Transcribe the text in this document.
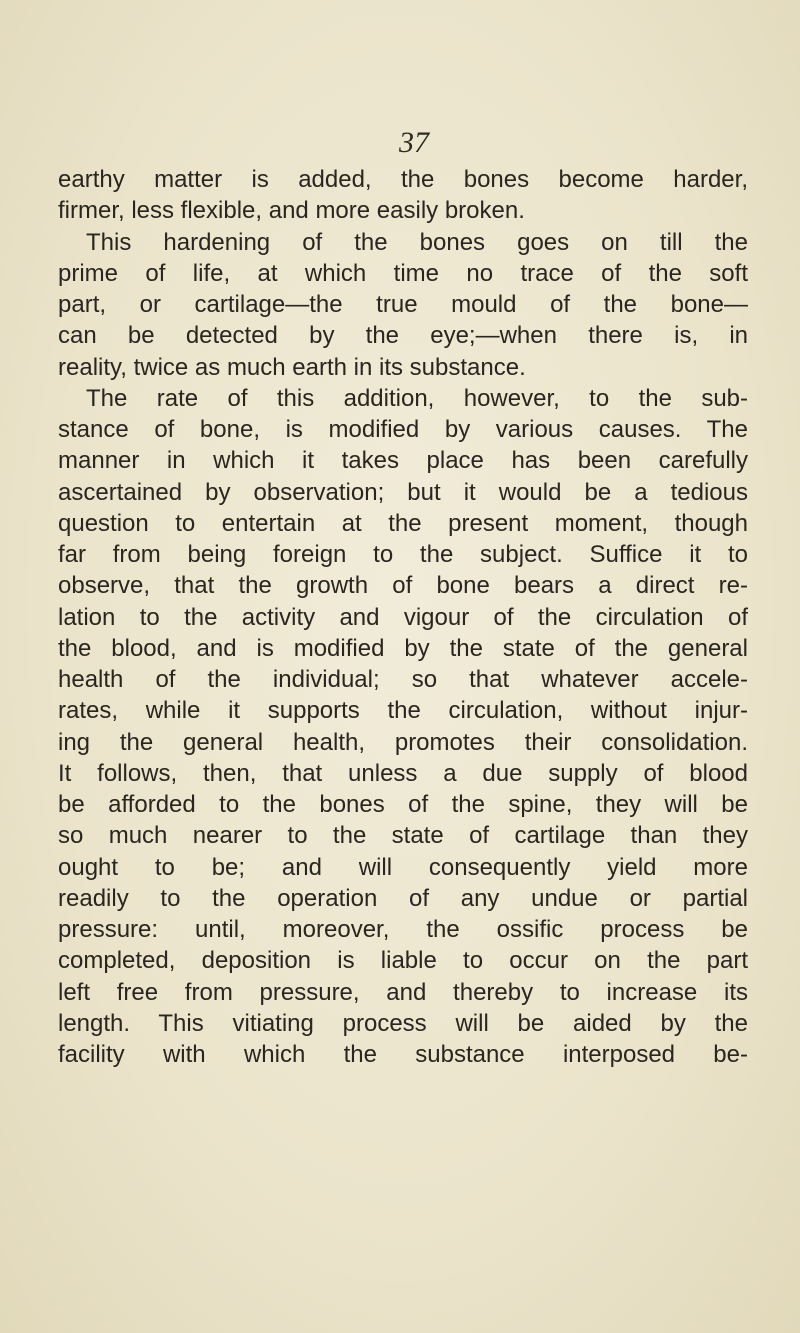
37
earthy matter is added, the bones become harder,
firmer, less flexible, and more easily broken.
This hardening of the bones goes on till the
prime of life, at which time no trace of the soft
part, or cartilage—the true mould of the bone—
can be detected by the eye;—when there is, in
reality, twice as much earth in its substance.
The rate of this addition, however, to the sub-
stance of bone, is modified by various causes. The
manner in which it takes place has been carefully
ascertained by observation; but it would be a tedious
question to entertain at the present moment, though
far from being foreign to the subject. Suffice it to
observe, that the growth of bone bears a direct re-
lation to the activity and vigour of the circulation of
the blood, and is modified by the state of the general
health of the individual; so that whatever accele-
rates, while it supports the circulation, without injur-
ing the general health, promotes their consolidation.
It follows, then, that unless a due supply of blood
be afforded to the bones of the spine, they will be
so much nearer to the state of cartilage than they
ought to be; and will consequently yield more
readily to the operation of any undue or partial
pressure: until, moreover, the ossific process be
completed, deposition is liable to occur on the part
left free from pressure, and thereby to increase its
length. This vitiating process will be aided by the
facility with which the substance interposed be-
